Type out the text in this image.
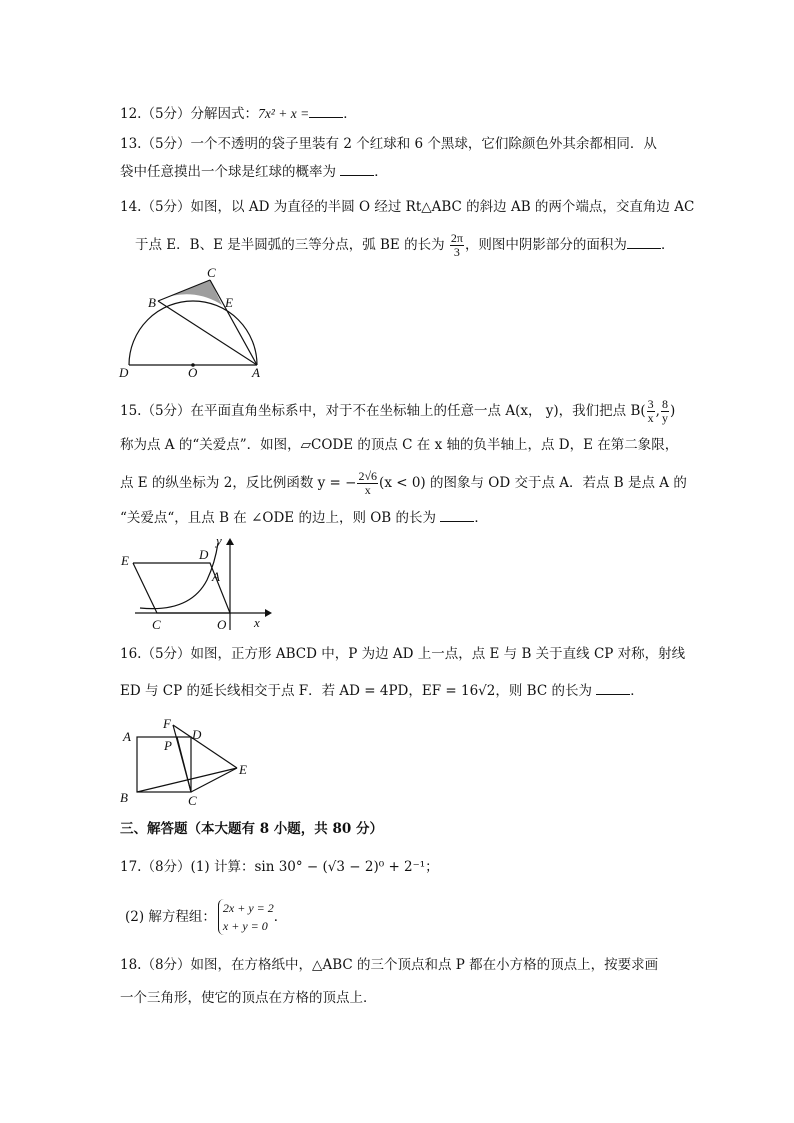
12.（5分）分解因式：7x² + x =	．
13.（5分）一个不透明的袋子里装有 2 个红球和 6 个黑球，它们除颜色外其余都相同．从
袋中任意摸出一个球是红球的概率为	．
14.（5分）如图，以 AD 为直径的半圆 O 经过 Rt△ABC 的斜边 AB 的两个端点，交直角边 AC
于点 E．B、E 是半圆弧的三等分点，弧 BE 的长为 $\frac{2\pi}{3}$ ，则图中阴影部分的面积为	．
C
B	E
D	O	A
15.（5分）在平面直角坐标系中，对于不在坐标轴上的任意一点 A(x， y)，我们把点 $B( \frac{3}{x}$ , $\frac{8}{y}$ )
称为点 A 的“关爱点”．如图，▱CODE 的顶点 C 在 x 轴的负半轴上，点 D，E 在第二象限，
点 E 的纵坐标为 2，反比例函数 y = − $\frac{2√6}{x} (x < 0)$ 的图象与 OD 交于点 A．若点 B 是点 A 的
“关爱点“，且点 B 在 ∠ODE 的边上，则 OB 的长为	．
E	D
A
C	O x
y
16.（5分）如图，正方形 ABCD 中，P 为边 AD 上一点，点 E 与 B 关于直线 CP 对称，射线
ED 与 CP 的延长线相交于点 F．若 AD = 4PD，EF = 16√2，则 BC 的长为	．
F
A
P
D
E
B	C
三、解答题（本大题有 8 小题，共 80 分）
17.（8分）(1) 计算：sin 30° − (√3 − 2)⁰ + 2⁻¹；
(2) 解方程组：
2x + y = 2
x + y = 0
．
18.（8分）如图，在方格纸中，△ABC 的三个顶点和点 P 都在小方格的顶点上，按要求画
一个三角形，使它的顶点在方格的顶点上．
